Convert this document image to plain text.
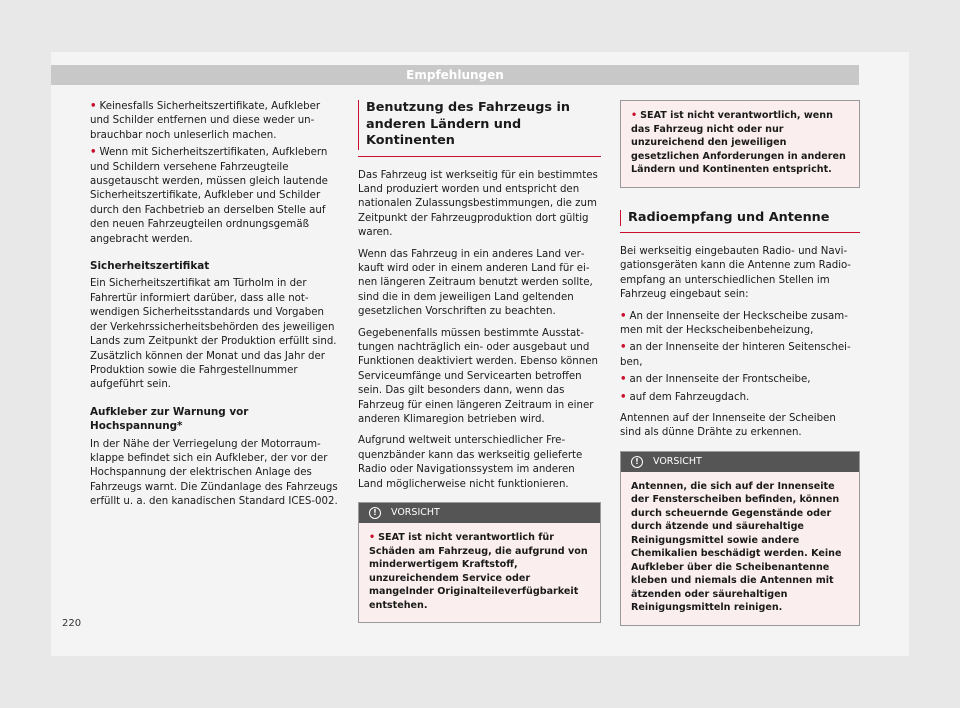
Empfehlungen

• Keinesfalls Sicherheitszertifikate, Aufkleber und Schilder entfernen und diese weder unbrauchbar noch unleserlich machen.

• Wenn mit Sicherheitszertifikaten, Aufklebern und Schildern versehene Fahrzeugteile ausgetauscht werden, müssen gleich lautende Sicherheitszertifikate, Aufkleber und Schilder durch den Fachbetrieb an derselben Stelle auf den neuen Fahrzeugteilen ordnungsgemäß angebracht werden.

Sicherheitszertifikat

Ein Sicherheitszertifikat am Türholm in der Fahrertür informiert darüber, dass alle notwendigen Sicherheitsstandards und Vorgaben der Verkehrssicherheitsbehörden des jeweiligen Lands zum Zeitpunkt der Produktion erfüllt sind. Zusätzlich können der Monat und das Jahr der Produktion sowie die Fahrgestellnummer aufgeführt sein.

Aufkleber zur Warnung vor Hochspannung*

In der Nähe der Verriegelung der Motorraumklappe befindet sich ein Aufkleber, der vor der Hochspannung der elektrischen Anlage des Fahrzeugs warnt. Die Zündanlage des Fahrzeugs erfüllt u. a. den kanadischen Standard ICES-002.

Benutzung des Fahrzeugs in anderen Ländern und Kontinenten

Das Fahrzeug ist werkseitig für ein bestimmtes Land produziert worden und entspricht den nationalen Zulassungsbestimmungen, die zum Zeitpunkt der Fahrzeugproduktion dort gültig waren.

Wenn das Fahrzeug in ein anderes Land verkauft wird oder in einem anderen Land für einen längeren Zeitraum benutzt werden sollte, sind die in dem jeweiligen Land geltenden gesetzlichen Vorschriften zu beachten.

Gegebenenfalls müssen bestimmte Ausstattungen nachträglich ein- oder ausgebaut und Funktionen deaktiviert werden. Ebenso können Serviceumfänge und Servicearten betroffen sein. Das gilt besonders dann, wenn das Fahrzeug für einen längeren Zeitraum in einer anderen Klimaregion betrieben wird.

Aufgrund weltweit unterschiedlicher Frequenzbänder kann das werkseitig gelieferte Radio oder Navigationssystem im anderen Land möglicherweise nicht funktionieren.

!	VORSICHT
• SEAT ist nicht verantwortlich für Schäden am Fahrzeug, die aufgrund von minderwertigem Kraftstoff, unzureichendem Service oder mangelnder Originalteileverfügbarkeit entstehen.
• SEAT ist nicht verantwortlich, wenn das Fahrzeug nicht oder nur unzureichend den jeweiligen gesetzlichen Anforderungen in anderen Ländern und Kontinenten entspricht.
Radioempfang und Antenne

Bei werkseitig eingebauten Radio- und Navigationsgeräten kann die Antenne zum Radioempfang an unterschiedlichen Stellen im Fahrzeug eingebaut sein:

• An der Innenseite der Heckscheibe zusammen mit der Heckscheibenbeheizung,

• an der Innenseite der hinteren Seitenscheiben,

• an der Innenseite der Frontscheibe,

• auf dem Fahrzeugdach.

Antennen auf der Innenseite der Scheiben sind als dünne Drähte zu erkennen.

!	VORSICHT
Antennen, die sich auf der Innenseite der Fensterscheiben befinden, können durch scheuernde Gegenstände oder durch ätzende und säurehaltige Reinigungsmittel sowie andere Chemikalien beschädigt werden. Keine Aufkleber über die Scheibenantenne kleben und niemals die Antennen mit ätzenden oder säurehaltigen Reinigungsmitteln reinigen.
220
